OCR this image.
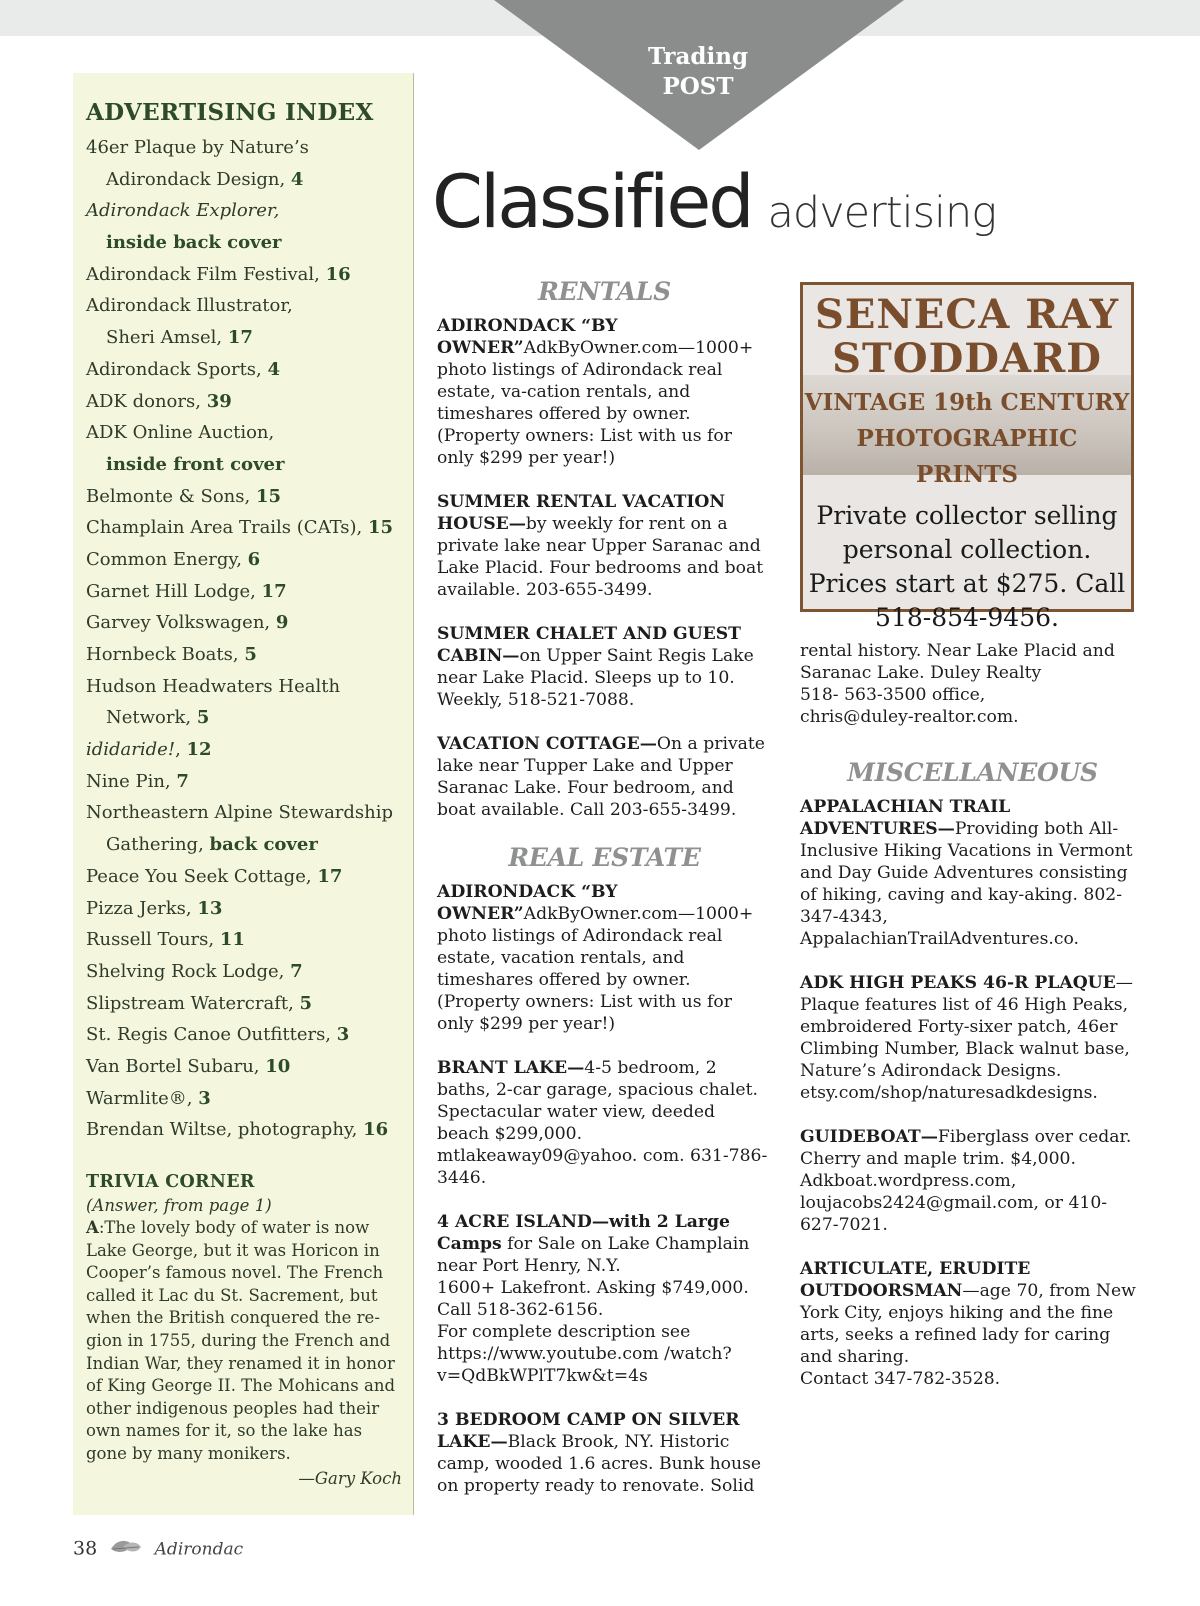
Trading
POST
ADVERTISING INDEX
46er Plaque by Nature’s
Adirondack Design, 4
Adirondack Explorer,
inside back cover
Adirondack Film Festival, 16
Adirondack Illustrator,
Sheri Amsel, 17
Adirondack Sports, 4
ADK donors, 39
ADK Online Auction,
inside front cover
Belmonte & Sons, 15
Champlain Area Trails (CATs), 15
Common Energy, 6
Garnet Hill Lodge, 17
Garvey Volkswagen, 9
Hornbeck Boats, 5
Hudson Headwaters Health
Network, 5
ididaride!, 12
Nine Pin, 7
Northeastern Alpine Stewardship
Gathering, back cover
Peace You Seek Cottage, 17
Pizza Jerks, 13
Russell Tours, 11
Shelving Rock Lodge, 7
Slipstream Watercraft, 5
St. Regis Canoe Outfitters, 3
Van Bortel Subaru, 10
Warmlite®, 3
Brendan Wiltse, photography, 16
TRIVIA CORNER
(Answer, from page 1)
A:The lovely body of water is now Lake George, but it was Horicon in Cooper’s famous novel. The French called it Lac du St. Sacrement, but when the British conquered the re-gion in 1755, during the French and Indian War, they renamed it in honor of King George II. The Mohicans and other indigenous peoples had their own names for it, so the lake has gone by many monikers.
—Gary Koch
Classified advertising
RENTALS
ADIRONDACK “BY OWNER”AdkByOwner.com—1000+ photo listings of Adirondack real estate, va-cation rentals, and timeshares offered by owner. (Property owners: List with us for only $299 per year!)
SUMMER RENTAL VACATION HOUSE—by weekly for rent on a private lake near Upper Saranac and Lake Placid. Four bedrooms and boat available. 203-655-3499.
SUMMER CHALET AND GUEST CABIN—on Upper Saint Regis Lake near Lake Placid. Sleeps up to 10. Weekly, 518-521-7088.
VACATION COTTAGE—On a private lake near Tupper Lake and Upper Saranac Lake. Four bedroom, and boat available. Call 203-655-3499.
REAL ESTATE
ADIRONDACK “BY OWNER”AdkByOwner.com—1000+ photo listings of Adirondack real estate, vacation rentals, and timeshares offered by owner. (Property owners: List with us for only $299 per year!)
BRANT LAKE—4-5 bedroom, 2 baths, 2-car garage, spacious chalet. Spectacular water view, deeded beach $299,000. mtlakeaway09@yahoo. com. 631-786-3446.
4 ACRE ISLAND—with 2 Large Camps for Sale on Lake Champlain near Port Henry, N.Y.
1600+ Lakefront. Asking $749,000. Call 518-362-6156.
For complete description see https://www.youtube.com /watch?v=QdBkWPlT7kw&t=4s
3 BEDROOM CAMP ON SILVER LAKE—Black Brook, NY. Historic camp, wooded 1.6 acres. Bunk house on property ready to renovate. Solid
SENECA RAY STODDARD
VINTAGE 19th CENTURY
PHOTOGRAPHIC PRINTS
Private collector selling personal collection. Prices start at $275. Call 518-854-9456.
rental history. Near Lake Placid and Saranac Lake. Duley Realty
518- 563-3500 office,
chris@duley-realtor.com.
MISCELLANEOUS
APPALACHIAN TRAIL ADVENTURES—Providing both All-Inclusive Hiking Vacations in Vermont and Day Guide Adventures consisting of hiking, caving and kay-aking. 802-347-4343, AppalachianTrailAdventures.co.
ADK HIGH PEAKS 46-R PLAQUE—Plaque features list of 46 High Peaks, embroidered Forty-sixer patch, 46er Climbing Number, Black walnut base, Nature’s Adirondack Designs.
etsy.com/shop/naturesadkdesigns.
GUIDEBOAT—Fiberglass over cedar. Cherry and maple trim. $4,000. Adkboat.wordpress.com, loujacobs2424@gmail.com, or 410-627-7021.
ARTICULATE, ERUDITE OUTDOORSMAN—age 70, from New York City, enjoys hiking and the fine arts, seeks a refined lady for caring and sharing.
Contact 347-782-3528.
38	Adirondac
